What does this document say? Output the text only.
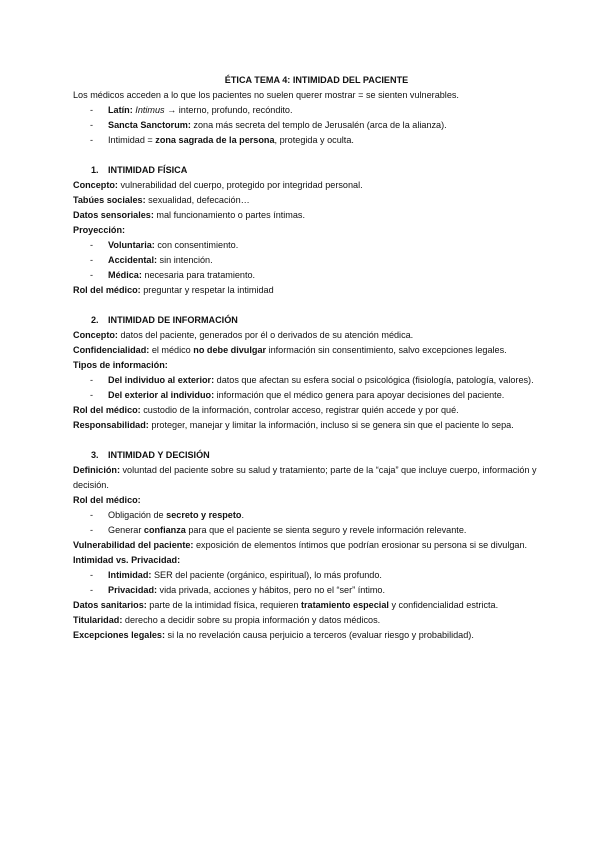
ÉTICA TEMA 4: INTIMIDAD DEL PACIENTE

Los médicos acceden a lo que los pacientes no suelen querer mostrar = se sienten vulnerables.

- Latín: Intimus → interno, profundo, recóndito.
- Sancta Sanctorum: zona más secreta del templo de Jerusalén (arca de la alianza).
- Intimidad = zona sagrada de la persona, protegida y oculta.

1. INTIMIDAD FÍSICA

Concepto: vulnerabilidad del cuerpo, protegido por integridad personal.

Tabúes sociales: sexualidad, defecación…

Datos sensoriales: mal funcionamiento o partes íntimas.

Proyección:

- Voluntaria: con consentimiento.
- Accidental: sin intención.
- Médica: necesaria para tratamiento.

Rol del médico: preguntar y respetar la intimidad

2. INTIMIDAD DE INFORMACIÓN

Concepto: datos del paciente, generados por él o derivados de su atención médica.

Confidencialidad: el médico no debe divulgar información sin consentimiento, salvo excepciones legales.

Tipos de información:

- Del individuo al exterior: datos que afectan su esfera social o psicológica (fisiología, patología, valores).
- Del exterior al individuo: información que el médico genera para apoyar decisiones del paciente.

Rol del médico: custodio de la información, controlar acceso, registrar quién accede y por qué.

Responsabilidad: proteger, manejar y limitar la información, incluso si se genera sin que el paciente lo sepa.

3. INTIMIDAD Y DECISIÓN

Definición: voluntad del paciente sobre su salud y tratamiento; parte de la “caja” que incluye cuerpo, información y decisión.

Rol del médico:

- Obligación de secreto y respeto.
- Generar confianza para que el paciente se sienta seguro y revele información relevante.

Vulnerabilidad del paciente: exposición de elementos íntimos que podrían erosionar su persona si se divulgan.

Intimidad vs. Privacidad:

- Intimidad: SER del paciente (orgánico, espiritual), lo más profundo.
- Privacidad: vida privada, acciones y hábitos, pero no el “ser” íntimo.

Datos sanitarios: parte de la intimidad física, requieren tratamiento especial y confidencialidad estricta.

Titularidad: derecho a decidir sobre su propia información y datos médicos.

Excepciones legales: si la no revelación causa perjuicio a terceros (evaluar riesgo y probabilidad).
